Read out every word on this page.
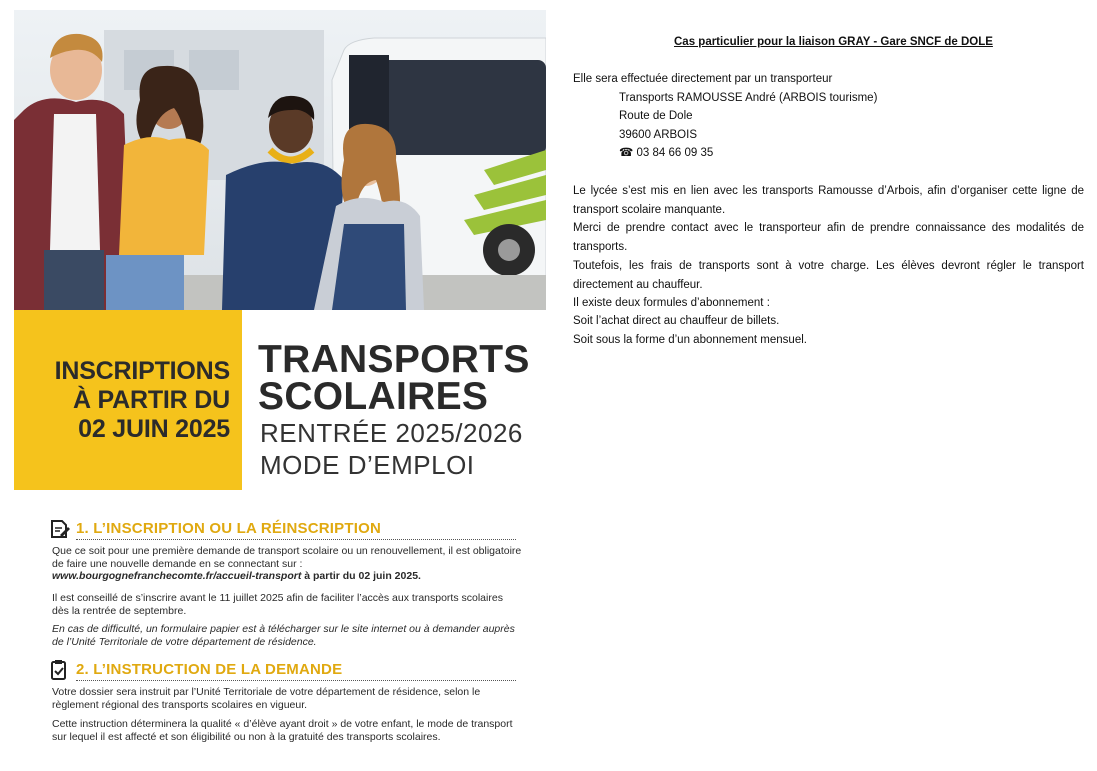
INSCRIPTIONS
À PARTIR DU
02 JUIN 2025
TRANSPORTS
SCOLAIRES
RENTRÉE 2025/2026
MODE D’EMPLOI
1. L’INSCRIPTION OU LA RÉINSCRIPTION
Que ce soit pour une première demande de transport scolaire ou un renouvellement, il est obligatoire de faire une nouvelle demande en se connectant sur :
www.bourgognefranchecomte.fr/accueil-transport à partir du 02 juin 2025.
Il est conseillé de s’inscrire avant le 11 juillet 2025 afin de faciliter l’accès aux transports scolaires dès la rentrée de septembre.
En cas de difficulté, un formulaire papier est à télécharger sur le site internet ou à demander auprès de l’Unité Territoriale de votre département de résidence.
2. L’INSTRUCTION DE LA DEMANDE
Votre dossier sera instruit par l’Unité Territoriale de votre département de résidence, selon le règlement régional des transports scolaires en vigueur.
Cette instruction déterminera la qualité « d’élève ayant droit » de votre enfant, le mode de transport sur lequel il est affecté et son éligibilité ou non à la gratuité des transports scolaires.
Cas particulier pour la liaison GRAY - Gare SNCF de DOLE
Elle sera effectuée directement par un transporteur
Transports RAMOUSSE André (ARBOIS tourisme)
Route de Dole
39600 ARBOIS
☎ 03 84 66 09 35
Le lycée s’est mis en lien avec les transports Ramousse d’Arbois, afin d’organiser cette ligne de transport scolaire manquante.
Merci de prendre contact avec le transporteur afin de prendre connaissance des modalités de transports.
Toutefois, les frais de transports sont à votre charge. Les élèves devront régler le transport directement au chauffeur.
Il existe deux formules d’abonnement :
Soit l’achat direct au chauffeur de billets.
Soit sous la forme d’un abonnement mensuel.
